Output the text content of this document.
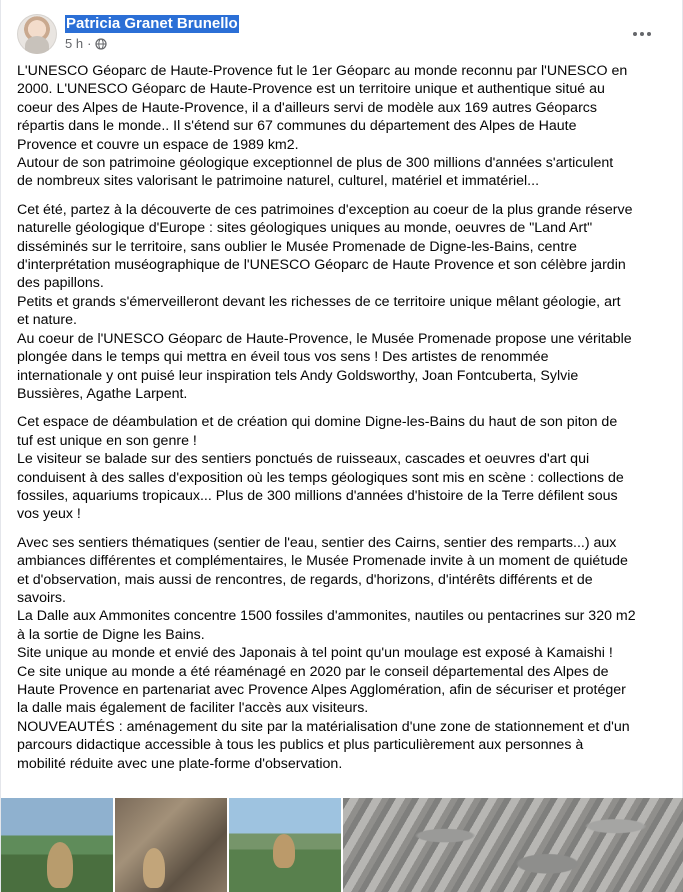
Patricia Granet Brunello
5 h ·

L'UNESCO Géoparc de Haute-Provence fut le 1er Géoparc au monde reconnu par l'UNESCO en
2000. L'UNESCO Géoparc de Haute-Provence est un territoire unique et authentique situé au
coeur des Alpes de Haute-Provence, il a d'ailleurs servi de modèle aux 169 autres Géoparcs
répartis dans le monde.. Il s'étend sur 67 communes du département des Alpes de Haute
Provence et couvre un espace de 1989 km2.
Autour de son patrimoine géologique exceptionnel de plus de 300 millions d'années s'articulent
de nombreux sites valorisant le patrimoine naturel, culturel, matériel et immatériel...

Cet été, partez à la découverte de ces patrimoines d'exception au coeur de la plus grande réserve
naturelle géologique d'Europe : sites géologiques uniques au monde, oeuvres de "Land Art"
disséminés sur le territoire, sans oublier le Musée Promenade de Digne-les-Bains, centre
d'interprétation muséographique de l'UNESCO Géoparc de Haute Provence et son célèbre jardin
des papillons.
Petits et grands s'émerveilleront devant les richesses de ce territoire unique mêlant géologie, art
et nature.
Au coeur de l'UNESCO Géoparc de Haute-Provence, le Musée Promenade propose une véritable
plongée dans le temps qui mettra en éveil tous vos sens ! Des artistes de renommée
internationale y ont puisé leur inspiration tels Andy Goldsworthy, Joan Fontcuberta, Sylvie
Bussières, Agathe Larpent.

Cet espace de déambulation et de création qui domine Digne-les-Bains du haut de son piton de
tuf est unique en son genre !
Le visiteur se balade sur des sentiers ponctués de ruisseaux, cascades et oeuvres d'art qui
conduisent à des salles d'exposition où les temps géologiques sont mis en scène : collections de
fossiles, aquariums tropicaux... Plus de 300 millions d'années d'histoire de la Terre défilent sous
vos yeux !

Avec ses sentiers thématiques (sentier de l'eau, sentier des Cairns, sentier des remparts...) aux
ambiances différentes et complémentaires, le Musée Promenade invite à un moment de quiétude
et d'observation, mais aussi de rencontres, de regards, d'horizons, d'intérêts différents et de
savoirs.
La Dalle aux Ammonites concentre 1500 fossiles d'ammonites, nautiles ou pentacrines sur 320 m2
à la sortie de Digne les Bains.
Site unique au monde et envié des Japonais à tel point qu'un moulage est exposé à Kamaishi !
Ce site unique au monde a été réaménagé en 2020 par le conseil départemental des Alpes de
Haute Provence en partenariat avec Provence Alpes Agglomération, afin de sécuriser et protéger
la dalle mais également de faciliter l'accès aux visiteurs.
NOUVEAUTÉS : aménagement du site par la matérialisation d'une zone de stationnement et d'un
parcours didactique accessible à tous les publics et plus particulièrement aux personnes à
mobilité réduite avec une plate-forme d'observation.
